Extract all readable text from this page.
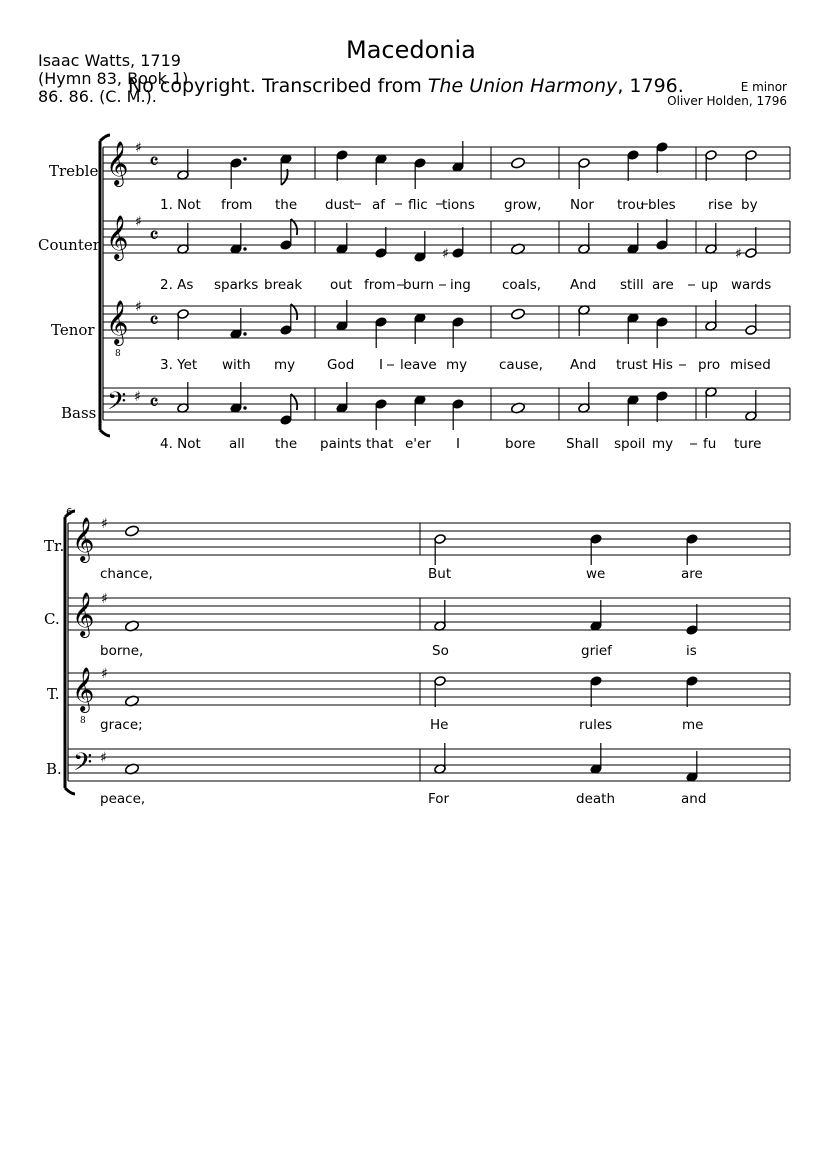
Macedonia
Isaac Watts, 1719
(Hymn 83, Book 1)
86. 86. (C. M.).
No copyright. Transcribed from The Union Harmony, 1796.	E minor
Oliver Holden, 1796
Treble
Counter
Tenor
Bass
Tr.
C.
T.
B.
6
1. Not from the dust af flic tions grow, Nor trou bles rise by
2. As sparks break out from burn ing coals, And still are up wards
3. Yet with my God I leave my cause, And trust His pro mised
4. Not all the paints that e'er I	bore Shall spoil my fu ture
chance,	But	we	are
borne,	So	grief	is
grace;	He	rules	me
peace,	For	death	and
𝄞 ♯
𝄴
𝄞 ♯
𝄴
𝄞 ♯
𝄴
8
𝄢 ♯ 𝄴
♯	♯
𝄞 ♯
𝄞 ♯
𝄞 ♯
8
𝄢 ♯
